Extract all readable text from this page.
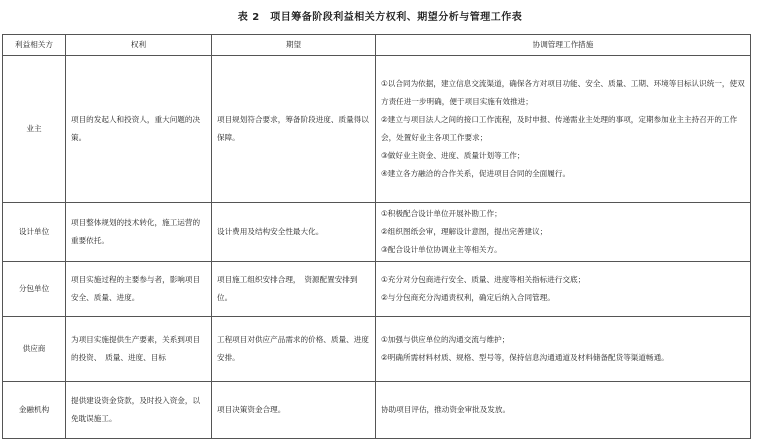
表 2　项目筹备阶段利益相关方权利、期望分析与管理工作表
利益相关方	权利	期望	协调管理工作措施
业主	项目的发起人和投资人，重大问题的决策。	项目规划符合要求，筹备阶段进度、质量得以保障。	①以合同为依据，建立信息交流渠道，确保各方对项目功能、安全、质量、工期、环境等目标认识统一，使双方责任进一步明确，便于项目实施有效推进；
②建立与项目法人之间的接口工作流程，及时申报、传递需业主处理的事项，定期参加业主主持召开的工作会，处置好业主各项工作要求；
③做好业主资金、进度、质量计划等工作；
④建立各方融洽的合作关系，促进项目合同的全面履行。

设计单位	项目整体规划的技术转化，施工运营的重要依托。	设计费用及结构安全性最大化。	①积极配合设计单位开展补勘工作；
②组织图纸会审，理解设计意图，提出完善建议；
③配合设计单位协调业主等相关方。

分包单位	项目实施过程的主要参与者，影响项目安全、质量、进度。	项目施工组织安排合理，　资源配置安排到位。	①充分对分包商进行安全、质量、进度等相关指标进行交底；
②与分包商充分沟通责权利，确定后纳入合同管理。

供应商	为项目实施提供生产要素，关系到项目的投资、　质量、进度、目标	工程项目对供应产品需求的价格、质量、进度安排。	①加强与供应单位的沟通交流与维护；
②明确所需材料材质、规格、型号等，保持信息沟通通道及材料储备配货等渠道畅通。

金融机构	提供建设资金贷款，及时投入资金，以免耽误施工。	项目决策资金合理。	协助项目评估，推动资金审批及发放。
